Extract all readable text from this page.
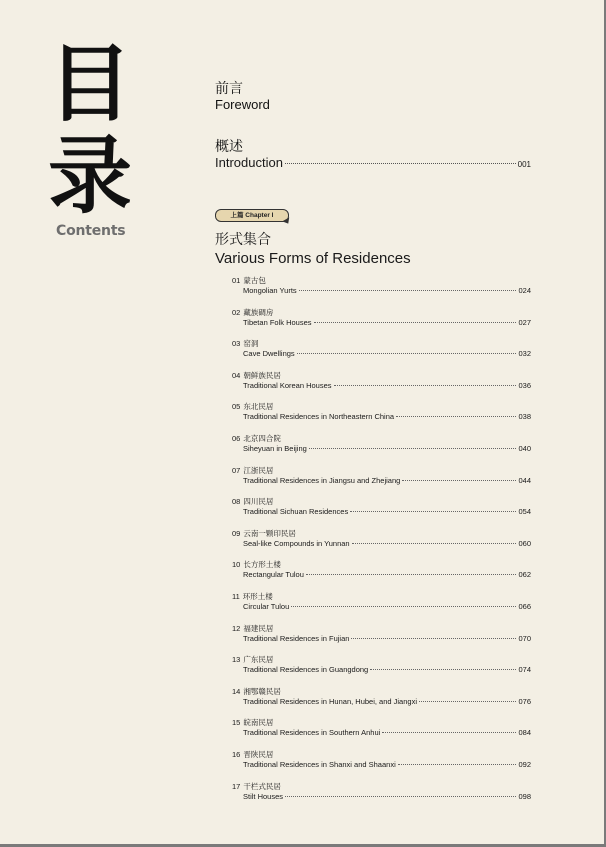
目
录
Contents
前言
Foreword
概述
Introduction	001
上篇 Chapter I
形式集合
Various Forms of Residences
01 蒙古包
Mongolian Yurts	024
02 藏族碉房
Tibetan Folk Houses	027
03 窑洞
Cave Dwellings	032
04 朝鲜族民居
Traditional Korean Houses	036
05 东北民居
Traditional Residences in Northeastern China	038
06 北京四合院
Siheyuan in Beijing	040
07 江浙民居
Traditional Residences in Jiangsu and Zhejiang	044
08 四川民居
Traditional Sichuan Residences	054
09 云南一颗印民居
Seal-like Compounds in Yunnan	060
10 长方形土楼
Rectangular Tulou	062
11 环形土楼
Circular Tulou	066
12 福建民居
Traditional Residences in Fujian	070
13 广东民居
Traditional Residences in Guangdong	074
14 湘鄂赣民居
Traditional Residences in Hunan, Hubei, and Jiangxi	076
15 皖南民居
Traditional Residences in Southern Anhui	084
16 晋陕民居
Traditional Residences in Shanxi and Shaanxi	092
17 干栏式民居
Stilt Houses	098
